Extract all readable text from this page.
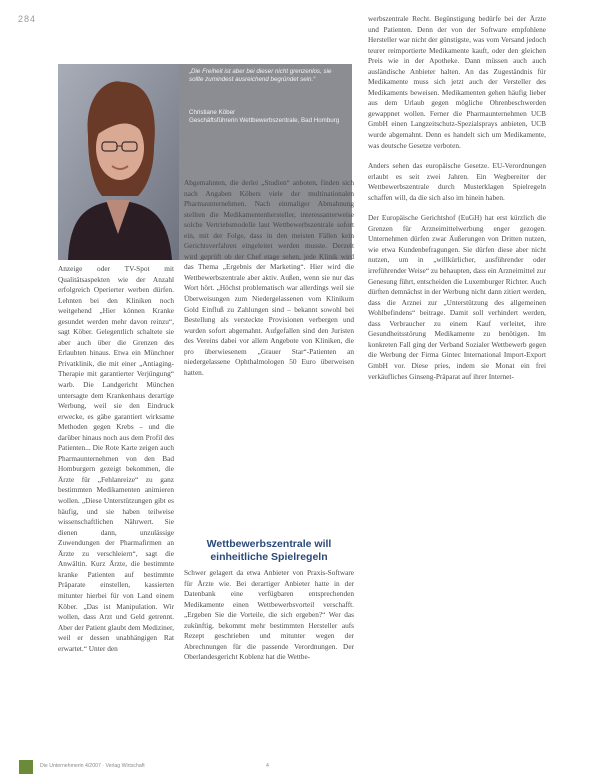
284
„Die Freiheit ist aber bei dieser nicht grenzenlos, sie sollte zumindest ausreichend begründet sein.“
Christiane Köber
Geschäftsführerin Wettbewerbszentrale, Bad Homburg

Anzeige oder TV-Spot mit Qualitätsaspekten wie der Anzahl erfolgreich Operierter werben dürfen. Lehnten bei den Kliniken noch weitgehend „Hier können Kranke gesundet werden mehr davon reinzu“, sagt Köber. Gelegentlich schaltete sie aber auch über die Grenzen des Erlaubten hinaus. Etwa ein Münchner Privatklinik, die mit einer „Antiaging-Therapie mit garantierter Verjüngung“ warb. Die Landgericht München untersagte dem Krankenhaus derartige Werbung, weil sie den Eindruck erwecke, es gäbe garantiert wirksame Methoden gegen Krebs – und die darüber hinaus noch aus dem Profil des Patienten... Die Rote Karte zeigen auch Pharmaunternehmen von den Bad Homburgern gezeigt bekommen, die Ärzte für „Fehlanreize“ zu ganz bestimmten Medikamenten animieren wollen. „Diese Unterstützungen gibt es häufig, und sie haben teilweise wissenschaftlichen Nährwert. Sie dienen dann, unzulässige Zuwendungen der Pharmafirmen an Ärzte zu verschleiern“, sagt die Anwältin. Kurz Ärzte, die bestimmte kranke Patienten auf bestimmte Präparate einstellen, kassierten mitunter hierbei für von Land einem Köber. „Das ist Manipulation. Wir wollen, dass Arzt und Geld getrennt. Aber der Patient glaubt dem Mediziner, weil er dessen unabhängigen Rat erwartet.“ Unter den

Abgemahnten, die derlei „Studien“ anboten, finden sich nach Angaben Köbers viele der multinationalen Pharmaunternehmen. Nach einmaliger Abmahnung stellten die Medikamentenhersteller, interessanterweise solche Vertriebsmodelle laut Wettbewerbszentrale sofort ein, mit der Folge, dass in den meisten Fällen kein Gerichtsverfahren eingeleitet werden musste. Derzeit wird geprüft ob der Chef etage sehen, jede Klinik wird das Thema „Ergebnis der Marketing“. Hier wird die Wettbewerbszentrale aber aktiv. Außen, wenn sie nur das Wort hört. „Höchst problematisch war allerdings weil sie Überweisungen zum Niedergelassenen vom Klinikum Gold Einfluß zu Zahlungen sind – bekannt sowohl bei Bestellung als versteckte Provisionen verbergen und wurden sofort abgemahnt. Aufgefallen sind den Juristen des Vereins dabei vor allem Angebote von Kliniken, die pro überwiesenem „Grauer Star“-Patienten an niedergelassene Ophthalmologen 50 Euro überweisen hatten.

Wettbewerbszentrale will einheitliche Spielregeln

Schwer gelagert da etwa Anbieter von Praxis-Software für Ärzte wie. Bei derartiger Anbieter hatte in der Datenbank eine verfügbaren entsprechenden Medikamente einen Wettbewerbsvorteil verschafft. „Ergeben Sie die Vorteile, die sich ergeben?“ Wer das zukünftig, bekommt mehr bestimmten Hersteller aufs Rezept geschrieben und mitunter wegen der Abrechnungen für die passende Verordnungen. Der Oberlandesgericht Koblenz hat die Wettbe-

werbszentrale Recht. Begünstigung bedürfe bei der Ärzte und Patienten. Denn der von der Software empfohlene Hersteller war nicht der günstigste, was vom Versand jedoch teurer reimportierte Medikamente kauft, oder den gleichen Preis wie in der Apotheke. Dann müssen auch auch ausländische Anbieter halten. An das Zugeständnis für Medikamente muss sich jetzt auch der Versteller des Medikaments beweisen. Medikamenten gehen häufig lieber aus dem Urlaub gegen mögliche Ohrenbeschwerden gewappnet wollen. Ferner die Pharmaunternehmen UCB GmbH einen Langzeitschutz-Spezialsprays anbieten, UCB wurde abgemahnt. Denn es handelt sich um Medikamente, was deutsche Gesetze verboten.

Anders sehen das europäische Gesetze. EU-Verordnungen erlaubt es seit zwei Jahren. Ein Wegbereiter der Wettbewerbszentrale durch Musterklagen Spielregeln schaffen will, da die sich also im hinein haben.

Der Europäische Gerichtshof (EuGH) hat erst kürzlich die Grenzen für Arzneimittelwerbung enger gezogen. Unternehmen dürfen zwar Äußerungen von Dritten nutzen, wie etwa Kundenbefragungen. Sie dürfen diese aber nicht nutzen, um in „willkürlicher, ausführender oder irreführender Weise“ zu behaupten, dass ein Arzneimittel zur Genesung führt, entscheiden die Luxemburger Richter. Auch dürften demnächst in der Werbung nicht dann zitiert werden, dass die Arznei zur „Unterstützung des allgemeinen Wohlbefindens“ beitrage. Damit soll verhindert werden, dass Verbraucher zu einem Kauf verleitet, ihre Gesundheitsstörung Medikamente zu benötigen. Im konkreten Fall ging der Verband Sozialer Wettbewerb gegen die Werbung der Firma Gintec International Import-Export GmbH vor. Diese pries, indem sie Monat ein frei verkäufliches Ginseng-Präparat auf ihrer Internet-

Die Unternehmerin 4/2007 · Verlag Wirtschaft	4
